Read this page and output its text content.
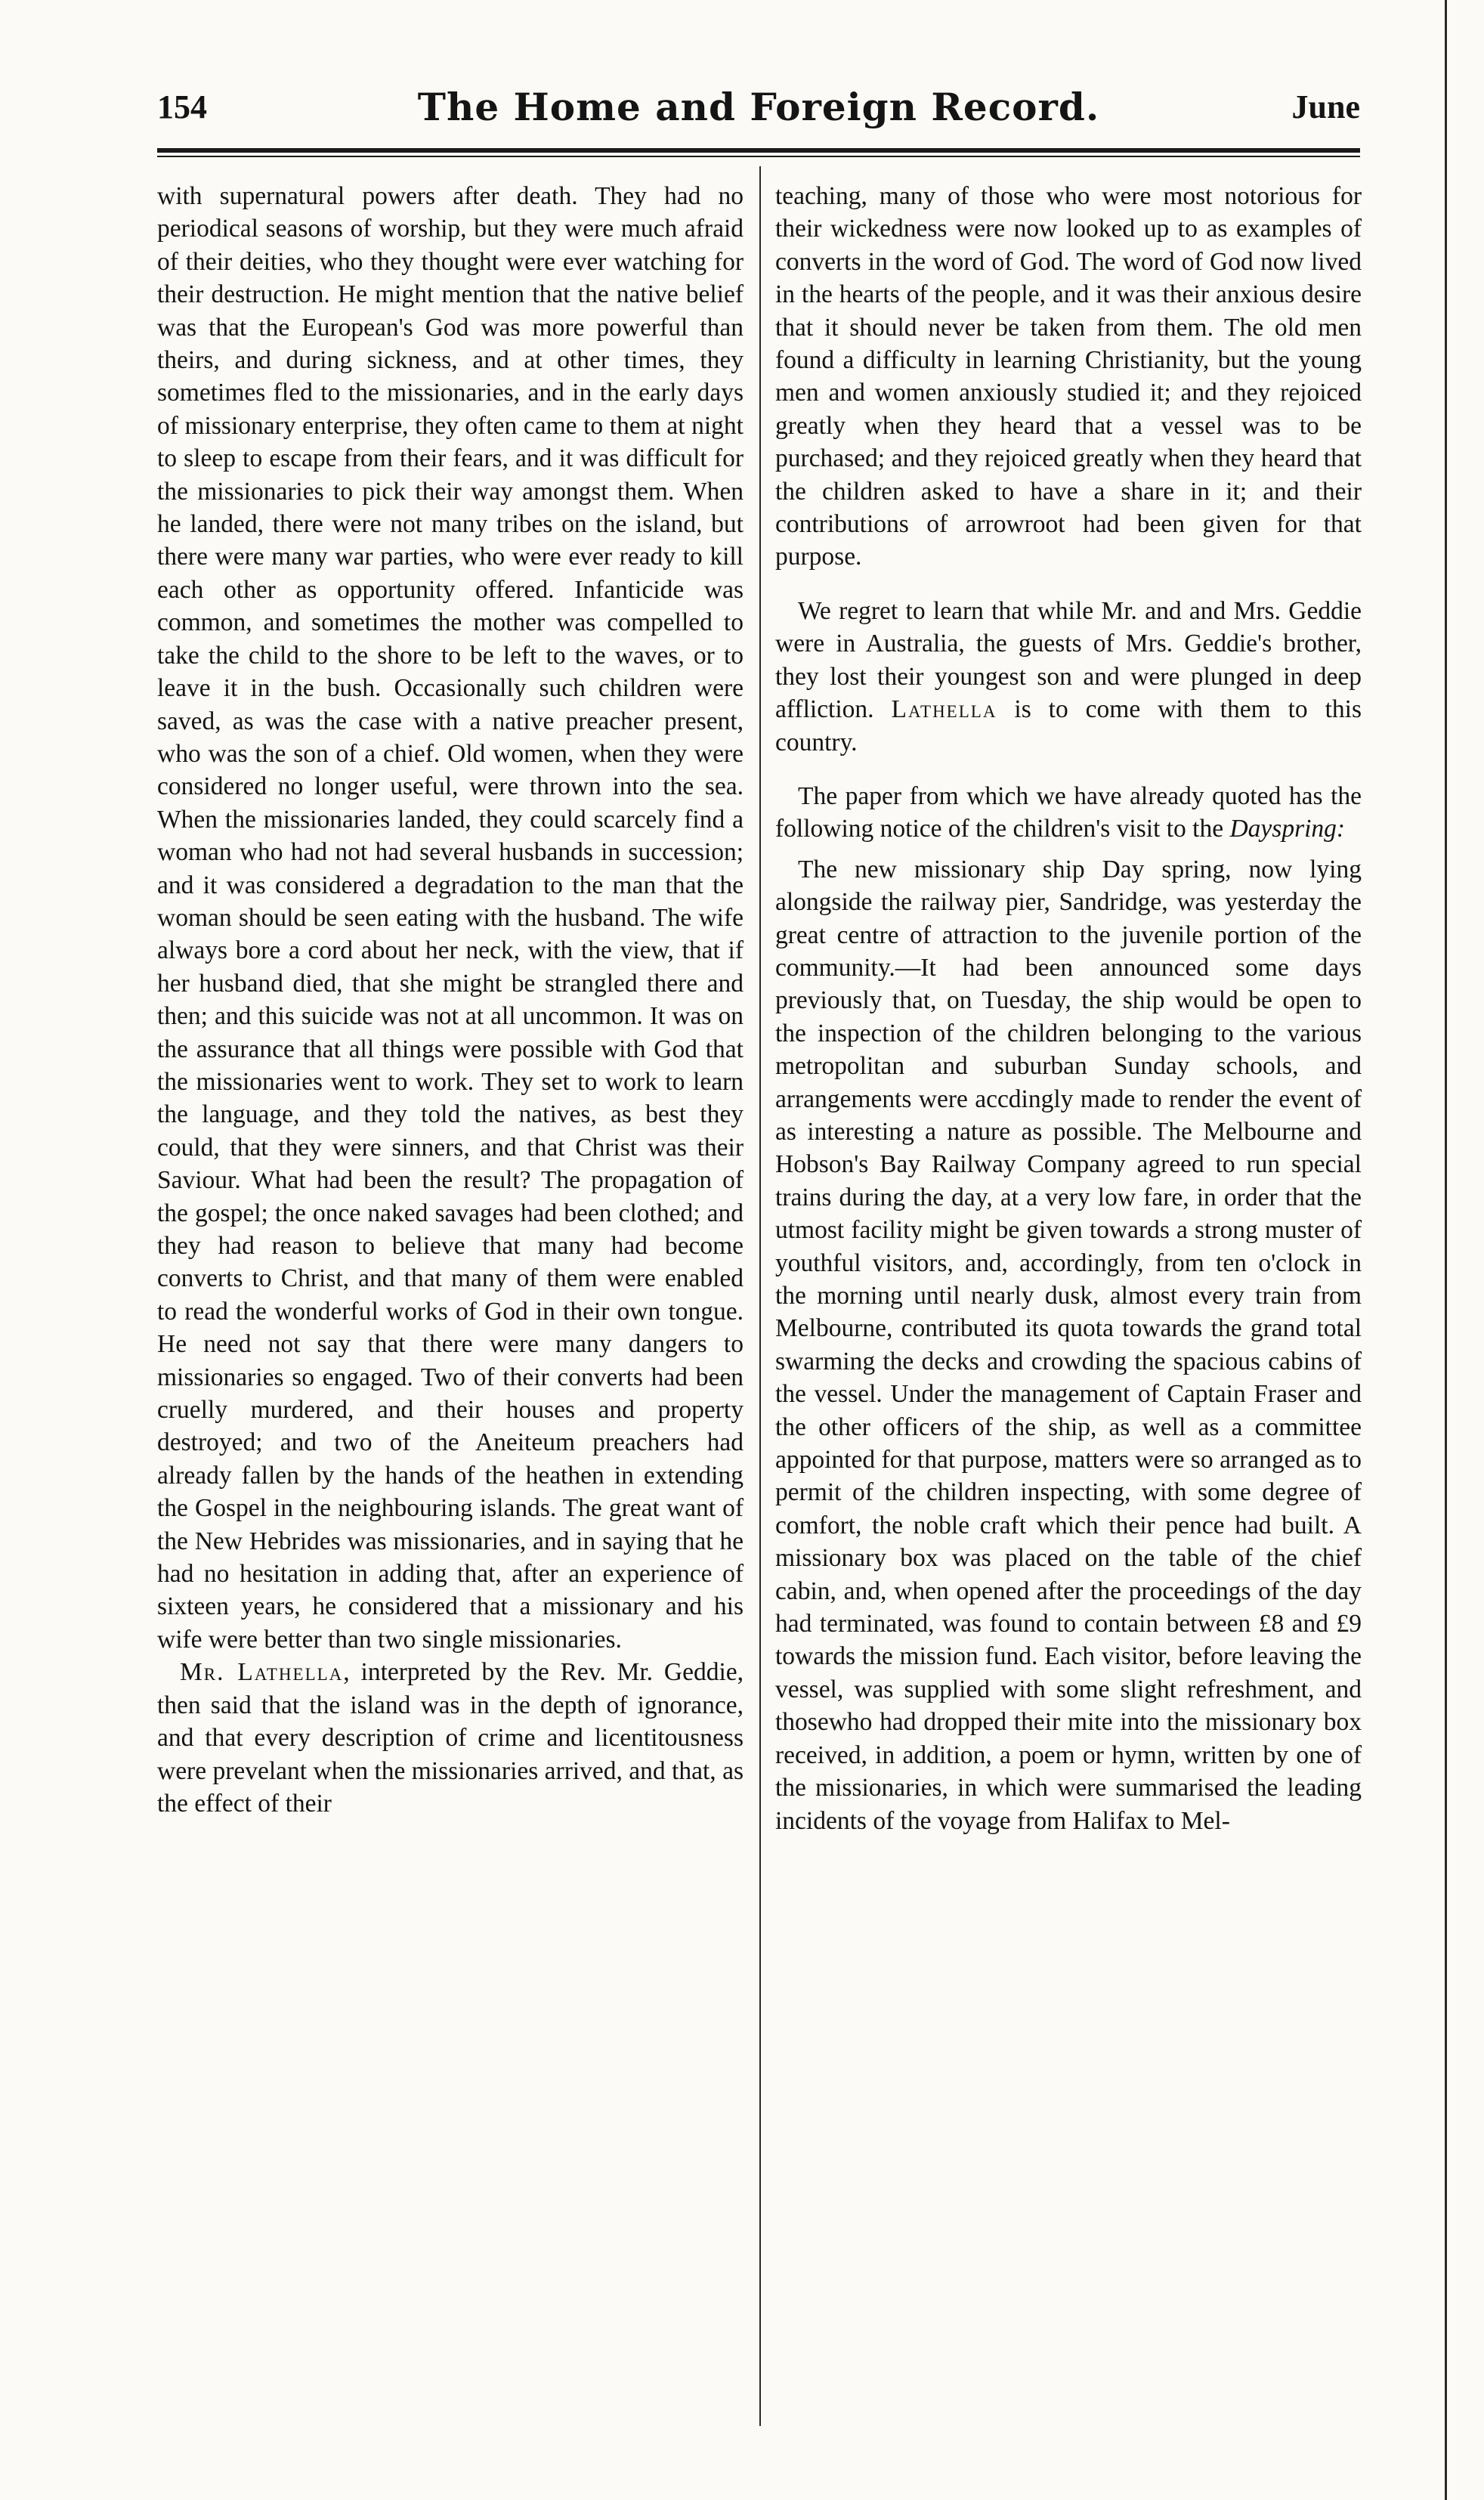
154	The Home and Foreign Record.	June

with supernatural powers after death. They had no periodical seasons of worship, but they were much afraid of their deities, who they thought were ever watching for their destruction. He might mention that the native belief was that the European's God was more powerful than theirs, and during sickness, and at other times, they sometimes fled to the missionaries, and in the early days of missionary enterprise, they often came to them at night to sleep to escape from their fears, and it was difficult for the missionaries to pick their way amongst them. When he landed, there were not many tribes on the island, but there were many war parties, who were ever ready to kill each other as opportunity offered. Infanticide was common, and sometimes the mother was compelled to take the child to the shore to be left to the waves, or to leave it in the bush. Occasionally such children were saved, as was the case with a native preacher present, who was the son of a chief. Old women, when they were considered no longer useful, were thrown into the sea. When the missionaries landed, they could scarcely find a woman who had not had several husbands in succession; and it was considered a degradation to the man that the woman should be seen eating with the husband. The wife always bore a cord about her neck, with the view, that if her husband died, that she might be strangled there and then; and this suicide was not at all uncommon. It was on the assurance that all things were possible with God that the missionaries went to work. They set to work to learn the language, and they told the natives, as best they could, that they were sinners, and that Christ was their Saviour. What had been the result? The propagation of the gospel; the once naked savages had been clothed; and they had reason to believe that many had become converts to Christ, and that many of them were enabled to read the wonderful works of God in their own tongue. He need not say that there were many dangers to missionaries so engaged. Two of their converts had been cruelly murdered, and their houses and property destroyed; and two of the Aneiteum preachers had already fallen by the hands of the heathen in extending the Gospel in the neighbouring islands. The great want of the New Hebrides was missionaries, and in saying that he had no hesitation in adding that, after an experience of sixteen years, he considered that a missionary and his wife were better than two single missionaries.

Mr. Lathella, interpreted by the Rev. Mr. Geddie, then said that the island was in the depth of ignorance, and that every description of crime and licentitousness were prevelant when the missionaries arrived, and that, as the effect of their

teaching, many of those who were most notorious for their wickedness were now looked up to as examples of converts in the word of God. The word of God now lived in the hearts of the people, and it was their anxious desire that it should never be taken from them. The old men found a difficulty in learning Christianity, but the young men and women anxiously studied it; and they rejoiced greatly when they heard that a vessel was to be purchased; and they rejoiced greatly when they heard that the children asked to have a share in it; and their contributions of arrowroot had been given for that purpose.

We regret to learn that while Mr. and and Mrs. Geddie were in Australia, the guests of Mrs. Geddie's brother, they lost their youngest son and were plunged in deep affliction. Lathella is to come with them to this country.

The paper from which we have already quoted has the following notice of the children's visit to the Dayspring:

The new missionary ship Day spring, now lying alongside the railway pier, Sandridge, was yesterday the great centre of attraction to the juvenile portion of the community.—It had been announced some days previously that, on Tuesday, the ship would be open to the inspection of the children belonging to the various metropolitan and suburban Sunday schools, and arrangements were accdingly made to render the event of as interesting a nature as possible. The Melbourne and Hobson's Bay Railway Company agreed to run special trains during the day, at a very low fare, in order that the utmost facility might be given towards a strong muster of youthful visitors, and, accordingly, from ten o'clock in the morning until nearly dusk, almost every train from Melbourne, contributed its quota towards the grand total swarming the decks and crowding the spacious cabins of the vessel. Under the management of Captain Fraser and the other officers of the ship, as well as a committee appointed for that purpose, matters were so arranged as to permit of the children inspecting, with some degree of comfort, the noble craft which their pence had built. A missionary box was placed on the table of the chief cabin, and, when opened after the proceedings of the day had terminated, was found to contain between £8 and £9 towards the mission fund. Each visitor, before leaving the vessel, was supplied with some slight refreshment, and thosewho had dropped their mite into the missionary box received, in addition, a poem or hymn, written by one of the missionaries, in which were summarised the leading incidents of the voyage from Halifax to Mel-
